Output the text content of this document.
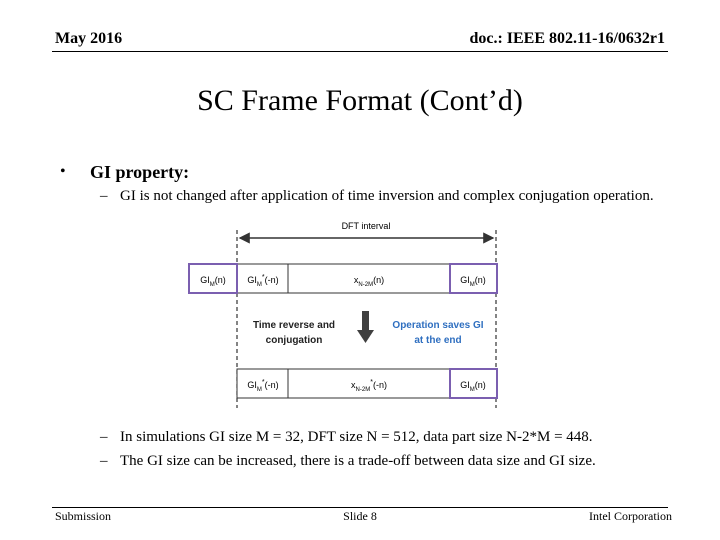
May 2016	doc.: IEEE 802.11-16/0632r1
SC Frame Format (Cont’d)
• GI property:
– GI is not changed after application of time inversion and complex conjugation operation.
DFT interval
$GI_M(n)$ $GI_M^*(-n)$	$x_{N-2M}(n)$	$GI_M(n)$
Time reverse and
conjugation
Operation saves GI
at the end
$GI_M^*(-n)$	$x_{N-2M}^*(-n)$	$GI_M(n)$
– In simulations GI size M = 32, DFT size N = 512, data part size N-2*M = 448.
– The GI size can be increased, there is a trade-off between data size and GI size.
Submission	Slide 8	Intel Corporation
